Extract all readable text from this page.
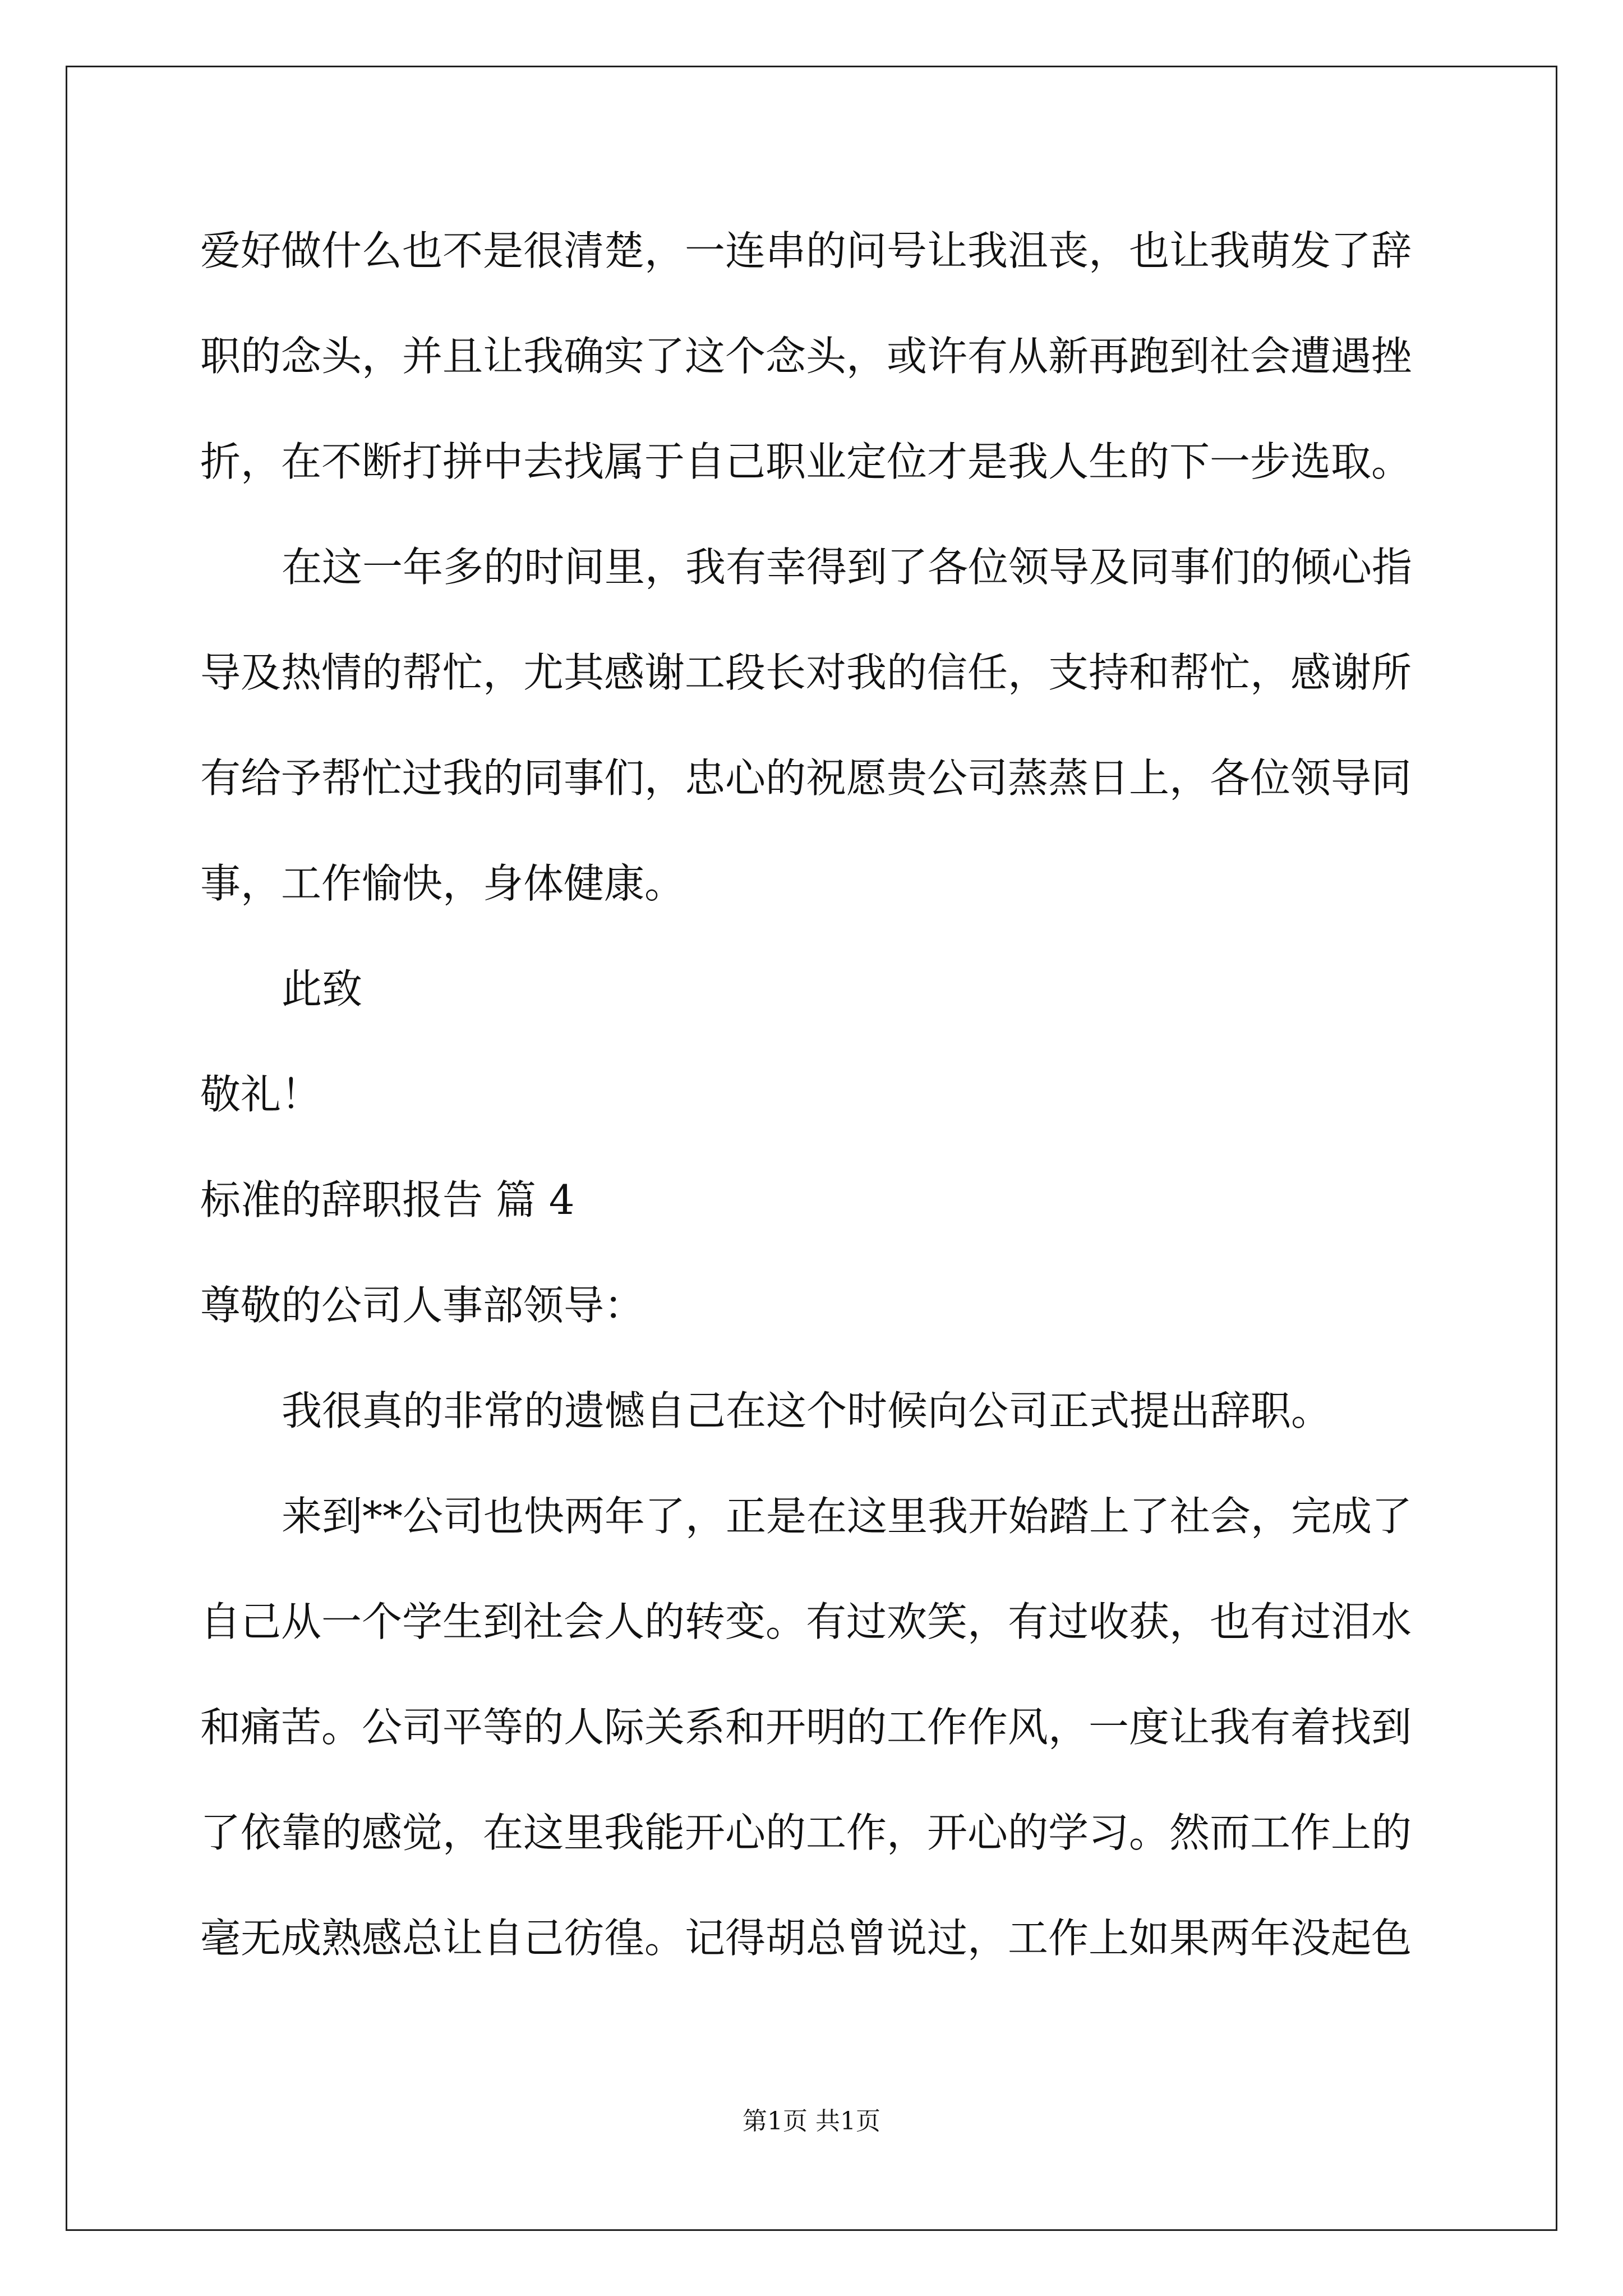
爱好做什么也不是很清楚，一连串的问号让我沮丧，也让我萌发了辞
职的念头，并且让我确实了这个念头，或许有从新再跑到社会遭遇挫
折，在不断打拼中去找属于自己职业定位才是我人生的下一步选取。
在这一年多的时间里，我有幸得到了各位领导及同事们的倾心指
导及热情的帮忙，尤其感谢工段长对我的信任，支持和帮忙，感谢所
有给予帮忙过我的同事们，忠心的祝愿贵公司蒸蒸日上，各位领导同
事，工作愉快，身体健康。
此致
敬礼！
标准的辞职报告 篇 4
尊敬的公司人事部领导：
我很真的非常的遗憾自己在这个时候向公司正式提出辞职。
来到**公司也快两年了，正是在这里我开始踏上了社会，完成了
自己从一个学生到社会人的转变。有过欢笑，有过收获，也有过泪水
和痛苦。公司平等的人际关系和开明的工作作风，一度让我有着找到
了依靠的感觉，在这里我能开心的工作，开心的学习。然而工作上的
毫无成熟感总让自己彷徨。记得胡总曾说过，工作上如果两年没起色
第1页 共1页
